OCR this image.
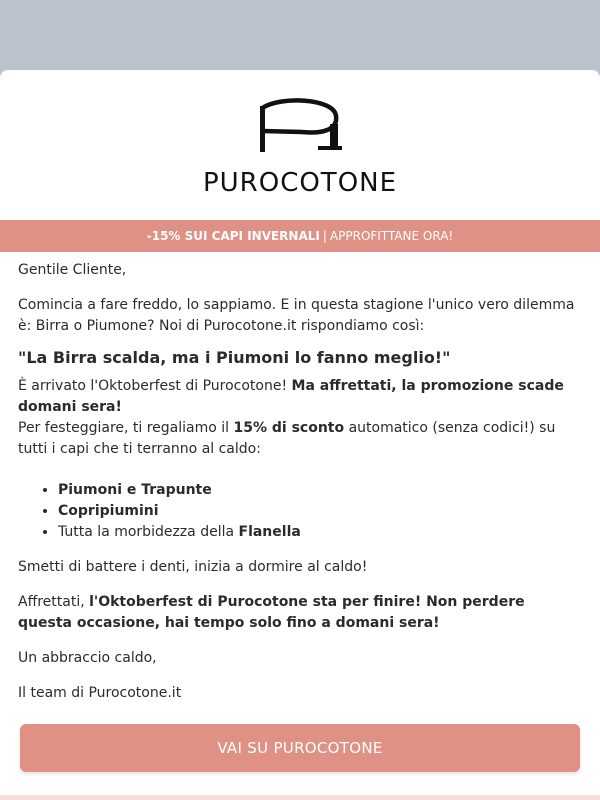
PUROCOTONE
-15% SUI CAPI INVERNALI | APPROFITTANE ORA!

Gentile Cliente,

Comincia a fare freddo, lo sappiamo. E in questa stagione l'unico vero dilemma è: Birra o Piumone? Noi di Purocotone.it rispondiamo così:

"La Birra scalda, ma i Piumoni lo fanno meglio!"

È arrivato l'Oktoberfest di Purocotone! Ma affrettati, la promozione scade domani sera!

Per festeggiare, ti regaliamo il 15% di sconto automatico (senza codici!) su tutti i capi che ti terranno al caldo:

• Piumoni e Trapunte
• Copripiumini
• Tutta la morbidezza della Flanella

Smetti di battere i denti, inizia a dormire al caldo!

Affrettati, l'Oktoberfest di Purocotone sta per finire! Non perdere questa occasione, hai tempo solo fino a domani sera!

Un abbraccio caldo,

Il team di Purocotone.it

VAI SU PUROCOTONE
